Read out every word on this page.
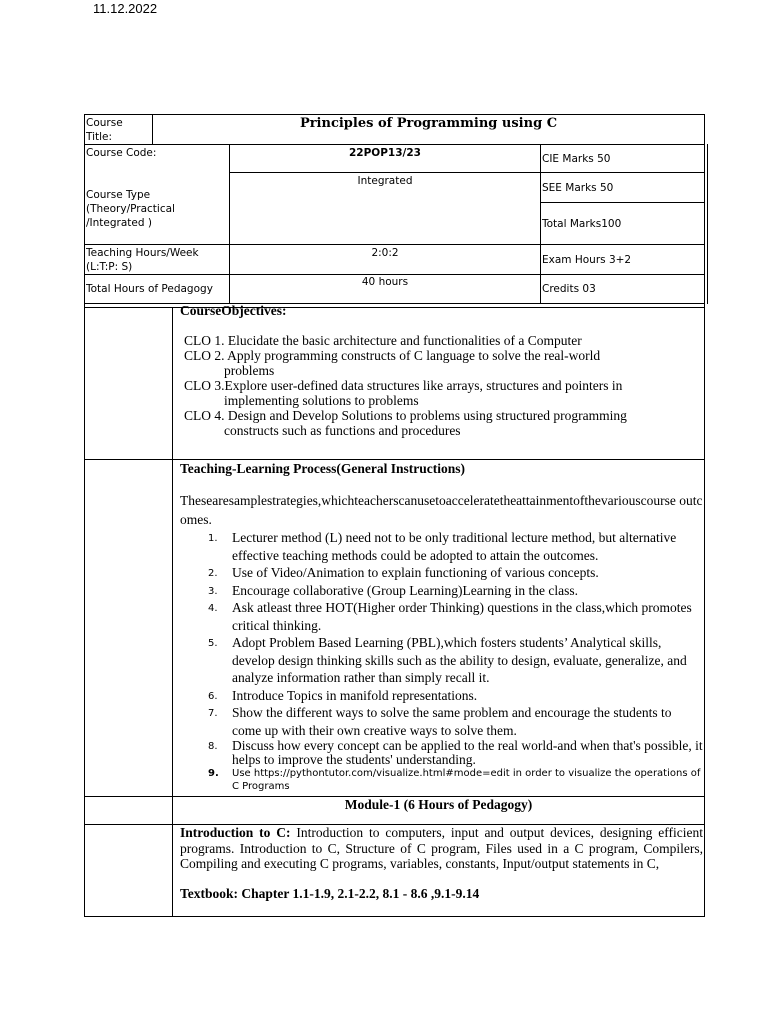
11.12.2022
Course Title:
Principles of Programming using C
Course Code:	22POP13/23	CIE Marks 50
Course Type (Theory/Practical /Integrated )
Integrated
SEE Marks 50
Total Marks100
Teaching Hours/Week (L:T:P: S)
2:0:2
Exam Hours 3+2
Total Hours of Pedagogy
40 hours
Credits 03
CourseObjectives:

CLO 1. Elucidate the basic architecture and functionalities of a Computer

CLO 2. Apply programming constructs of C language to solve the real-world
problems

CLO 3.Explore user-defined data structures like arrays, structures and pointers in
implementing solutions to problems

CLO 4. Design and Develop Solutions to problems using structured programming
constructs such as functions and procedures

Teaching-Learning Process(General Instructions)
Thesearesamplestrategies,whichteacherscanusetoacceleratetheattainmentofthevariouscourse outcomes.
1. Lecturer method (L) need not to be only traditional lecture method, but alternative effective teaching methods could be adopted to attain the outcomes.
2. Use of Video/Animation to explain functioning of various concepts.
3. Encourage collaborative (Group Learning)Learning in the class.
4. Ask atleast three HOT(Higher order Thinking) questions in the class,which promotes critical thinking.
5. Adopt Problem Based Learning (PBL),which fosters students’ Analytical skills, develop design thinking skills such as the ability to design, evaluate, generalize, and analyze information rather than simply recall it.
6. Introduce Topics in manifold representations.
7. Show the different ways to solve the same problem and encourage the students to come up with their own creative ways to solve them.
8. Discuss how every concept can be applied to the real world-and when that's possible, it helps to improve the students' understanding.
9. Use https://pythontutor.com/visualize.html#mode=edit in order to visualize the operations of C Programs
Module-1 (6 Hours of Pedagogy)
Introduction to C: Introduction to computers, input and output devices, designing efficient programs. Introduction to C, Structure of C program, Files used in a C program, Compilers, Compiling and executing C programs, variables, constants, Input/output statements in C,
Textbook: Chapter 1.1-1.9, 2.1-2.2, 8.1 - 8.6 ,9.1-9.14
